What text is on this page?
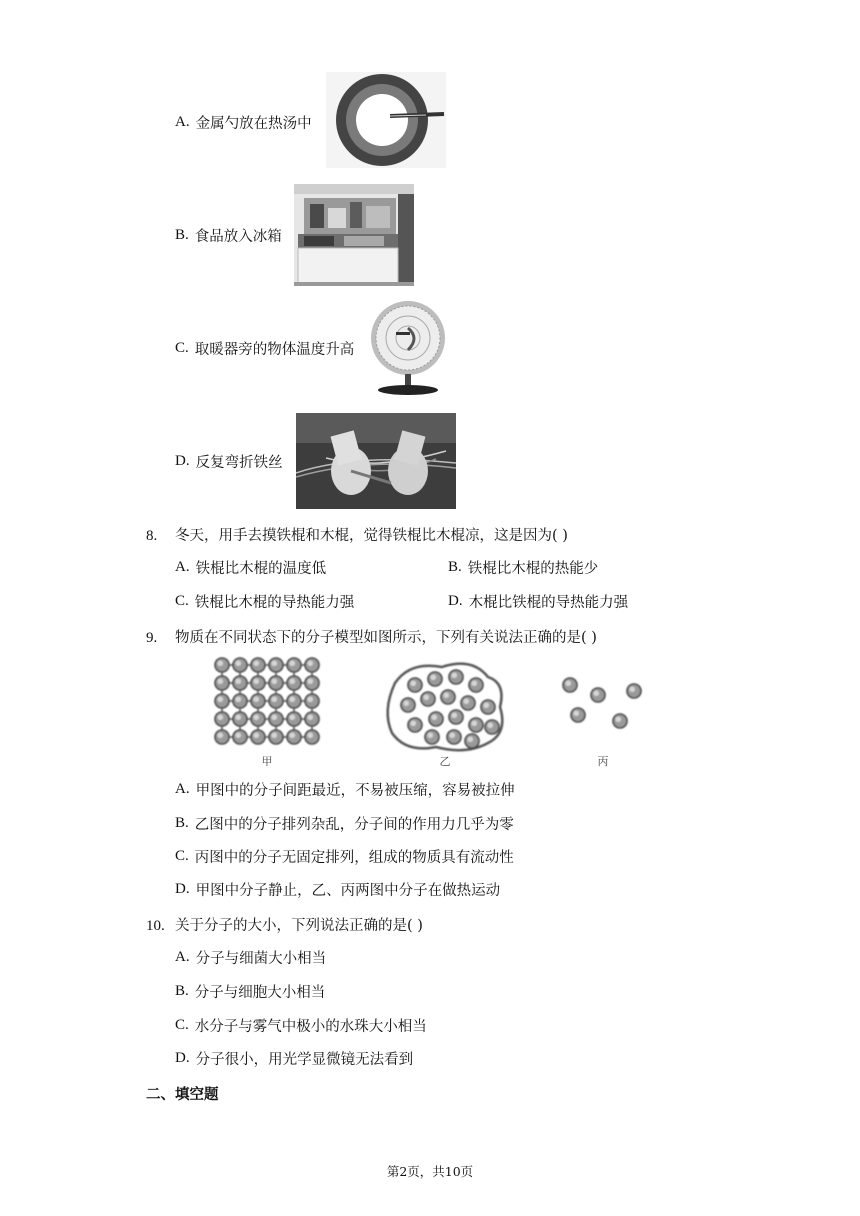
A. 金属勺放在热汤中
B. 食品放入冰箱
C. 取暖器旁的物体温度升高
D. 反复弯折铁丝
8. 冬天，用手去摸铁棍和木棍，觉得铁棍比木棍凉，这是因为( )
A. 铁棍比木棍的温度低	B. 铁棍比木棍的热能少
C. 铁棍比木棍的导热能力强	D. 木棍比铁棍的导热能力强
9. 物质在不同状态下的分子模型如图所示，下列有关说法正确的是( )
甲	乙	丙
A. 甲图中的分子间距最近，不易被压缩，容易被拉伸
B. 乙图中的分子排列杂乱，分子间的作用力几乎为零
C. 丙图中的分子无固定排列，组成的物质具有流动性
D. 甲图中分子静止，乙、丙两图中分子在做热运动
10. 关于分子的大小，下列说法正确的是( )
A. 分子与细菌大小相当
B. 分子与细胞大小相当
C. 水分子与雾气中极小的水珠大小相当
D. 分子很小，用光学显微镜无法看到
二、填空题
第2页，共10页
